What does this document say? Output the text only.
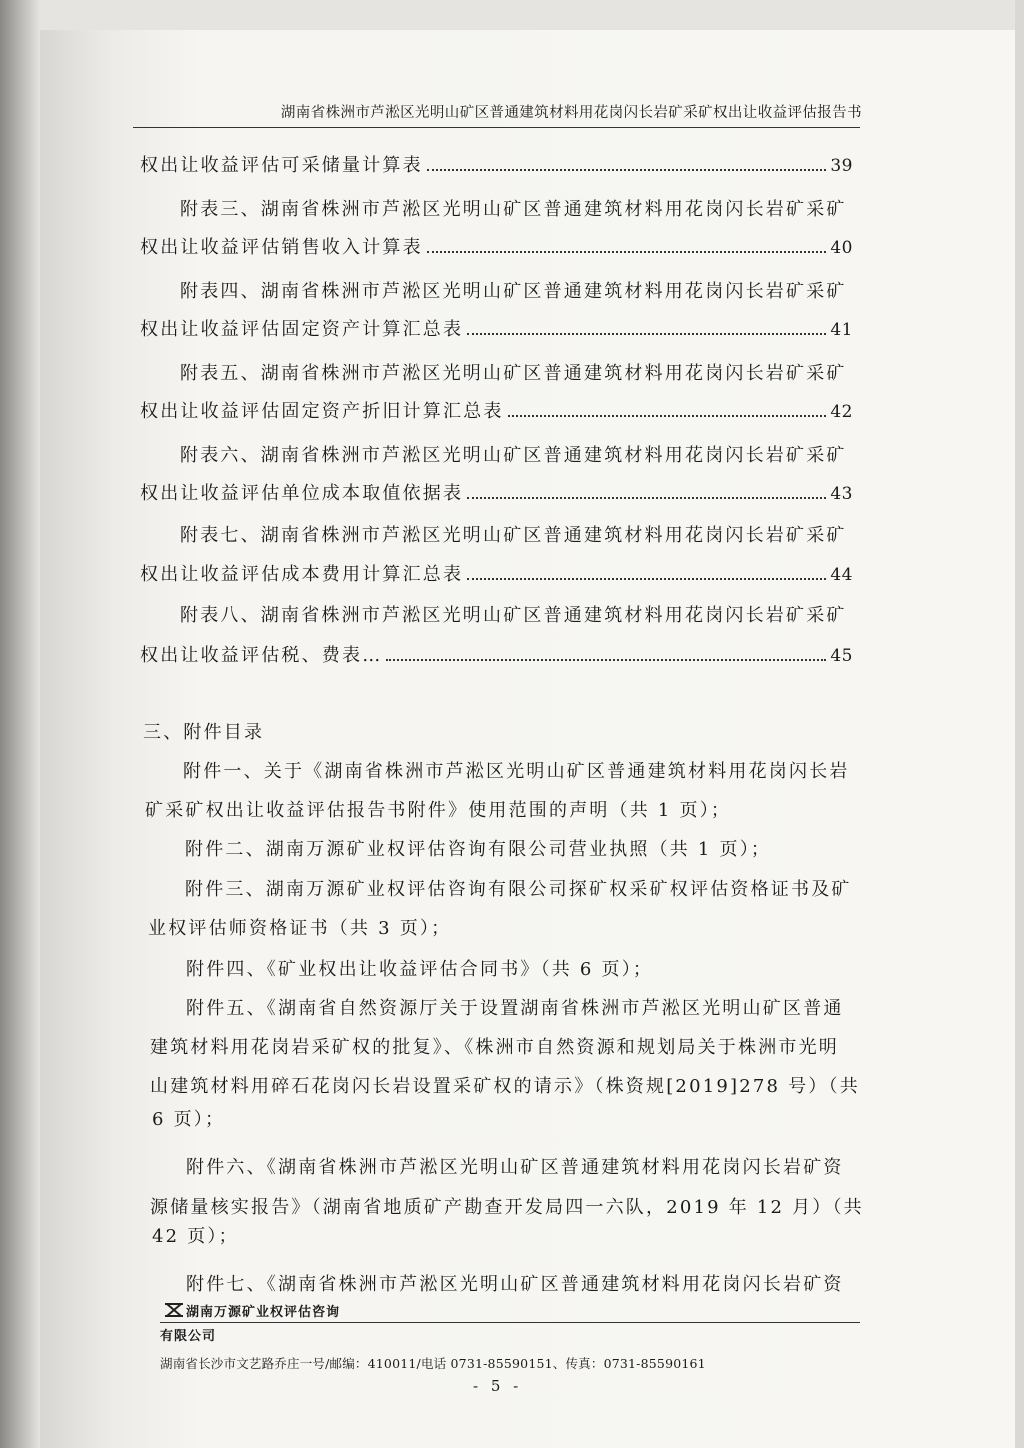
湖南省株洲市芦淞区光明山矿区普通建筑材料用花岗闪长岩矿采矿权出让收益评估报告书
权出让收益评估可采储量计算表	39
附表三、湖南省株洲市芦淞区光明山矿区普通建筑材料用花岗闪长岩矿采矿
权出让收益评估销售收入计算表	40
附表四、湖南省株洲市芦淞区光明山矿区普通建筑材料用花岗闪长岩矿采矿
权出让收益评估固定资产计算汇总表	41
附表五、湖南省株洲市芦淞区光明山矿区普通建筑材料用花岗闪长岩矿采矿
权出让收益评估固定资产折旧计算汇总表	42
附表六、湖南省株洲市芦淞区光明山矿区普通建筑材料用花岗闪长岩矿采矿
权出让收益评估单位成本取值依据表	43
附表七、湖南省株洲市芦淞区光明山矿区普通建筑材料用花岗闪长岩矿采矿
权出让收益评估成本费用计算汇总表	44
附表八、湖南省株洲市芦淞区光明山矿区普通建筑材料用花岗闪长岩矿采矿
权出让收益评估税、费表…	45
三、附件目录
附件一、关于《湖南省株洲市芦淞区光明山矿区普通建筑材料用花岗闪长岩
矿采矿权出让收益评估报告书附件》使用范围的声明（共 1 页）；
附件二、湖南万源矿业权评估咨询有限公司营业执照（共 1 页）；
附件三、湖南万源矿业权评估咨询有限公司探矿权采矿权评估资格证书及矿
业权评估师资格证书（共 3 页）；
附件四、《矿业权出让收益评估合同书》（共 6 页）；
附件五、《湖南省自然资源厅关于设置湖南省株洲市芦淞区光明山矿区普通
建筑材料用花岗岩采矿权的批复》、《株洲市自然资源和规划局关于株洲市光明
山建筑材料用碎石花岗闪长岩设置采矿权的请示》（株资规[2019]278 号）（共
6 页）；
附件六、《湖南省株洲市芦淞区光明山矿区普通建筑材料用花岗闪长岩矿资
源储量核实报告》（湖南省地质矿产勘查开发局四一六队，2019 年 12 月）（共
42 页）；
附件七、《湖南省株洲市芦淞区光明山矿区普通建筑材料用花岗闪长岩矿资
湖南万源矿业权评估咨询
有限公司
湖南省长沙市文艺路乔庄一号/邮编：410011/电话 0731-85590151、传真：0731-85590161
- 5 -
